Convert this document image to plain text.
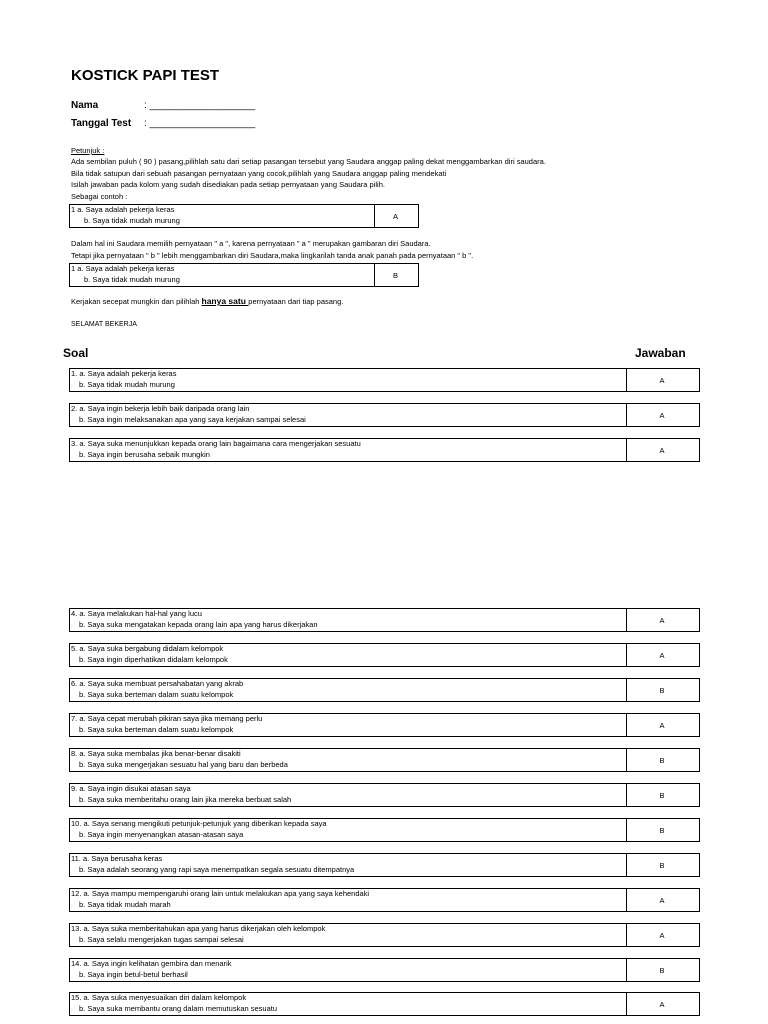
KOSTICK PAPI TEST
Nama	: ___________________
Tanggal Test : ___________________
Petunjuk :
Ada sembilan puluh ( 90 ) pasang,pilihlah satu dari setiap pasangan tersebut yang Saudara anggap paling dekat menggambarkan diri saudara.
Bila tidak satupun dari sebuah pasangan pernyataan yang cocok,pilihlah yang Saudara anggap paling mendekati
Isilah jawaban pada kolom yang sudah disediakan pada setiap pernyataan yang Saudara pilih.
Sebagai contoh :
1 a. Saya adalah pekerja keras
b. Saya tidak mudah murung	A
Dalam hal ini Saudara memilih pernyataan " a ", karena pernyataan " a " merupakan gambaran diri Saudara.
Tetapi jika pernyataan " b " lebih menggambarkan diri Saudara,maka lingkarilah tanda anak panah pada pernyataan " b ".
1 a. Saya adalah pekerja keras
b. Saya tidak mudah murung	B
Kerjakan secepat mungkin dan pilihlah hanya satu pernyataan dari tiap pasang.
SELAMAT BEKERJA
Soal	Jawaban
1. a. Saya adalah pekerja keras
b. Saya tidak mudah murung	A
2. a. Saya ingin bekerja lebih baik daripada orang lain
b. Saya ingin melaksanakan apa yang saya kerjakan sampai selesai	A
3. a. Saya suka menunjukkan kepada orang lain bagaimana cara mengerjakan sesuatu
b. Saya ingin berusaha sebaik mungkin	A
4. a. Saya melakukan hal-hal yang lucu
b. Saya suka mengatakan kepada orang lain apa yang harus dikerjakan	A
5. a. Saya suka bergabung didalam kelompok
b. Saya ingin diperhatikan didalam kelompok	A
6. a. Saya suka membuat persahabatan yang akrab
b. Saya suka berteman dalam suatu kelompok	B
7. a. Saya cepat merubah pikiran saya jika memang perlu
b. Saya suka berteman dalam suatu kelompok	A
8. a. Saya suka membalas jika benar-benar disakiti
b. Saya suka mengerjakan sesuatu hal yang baru dan berbeda	B
9. a. Saya ingin disukai atasan saya
b. Saya suka memberitahu orang lain jika mereka berbuat salah	B
10. a. Saya senang mengikuti petunjuk-petunjuk yang diberikan kepada saya
b. Saya ingin menyenangkan atasan-atasan saya	B
11. a. Saya berusaha keras
b. Saya adalah seorang yang rapi saya menempatkan segala sesuatu ditempatnya	B
12. a. Saya mampu mempengaruhi orang lain untuk melakukan apa yang saya kehendaki
b. Saya tidak mudah marah	A
13. a. Saya suka memberitahukan apa yang harus dikerjakan oleh kelompok
b. Saya selalu mengerjakan tugas sampai selesai	A
14. a. Saya ingin kelihatan gembira dan menarik
b. Saya ingin betul-betul berhasil	B
15. a. Saya suka menyesuaikan diri dalam kelompok
b. Saya suka membantu orang dalam memutuskan sesuatu	A
